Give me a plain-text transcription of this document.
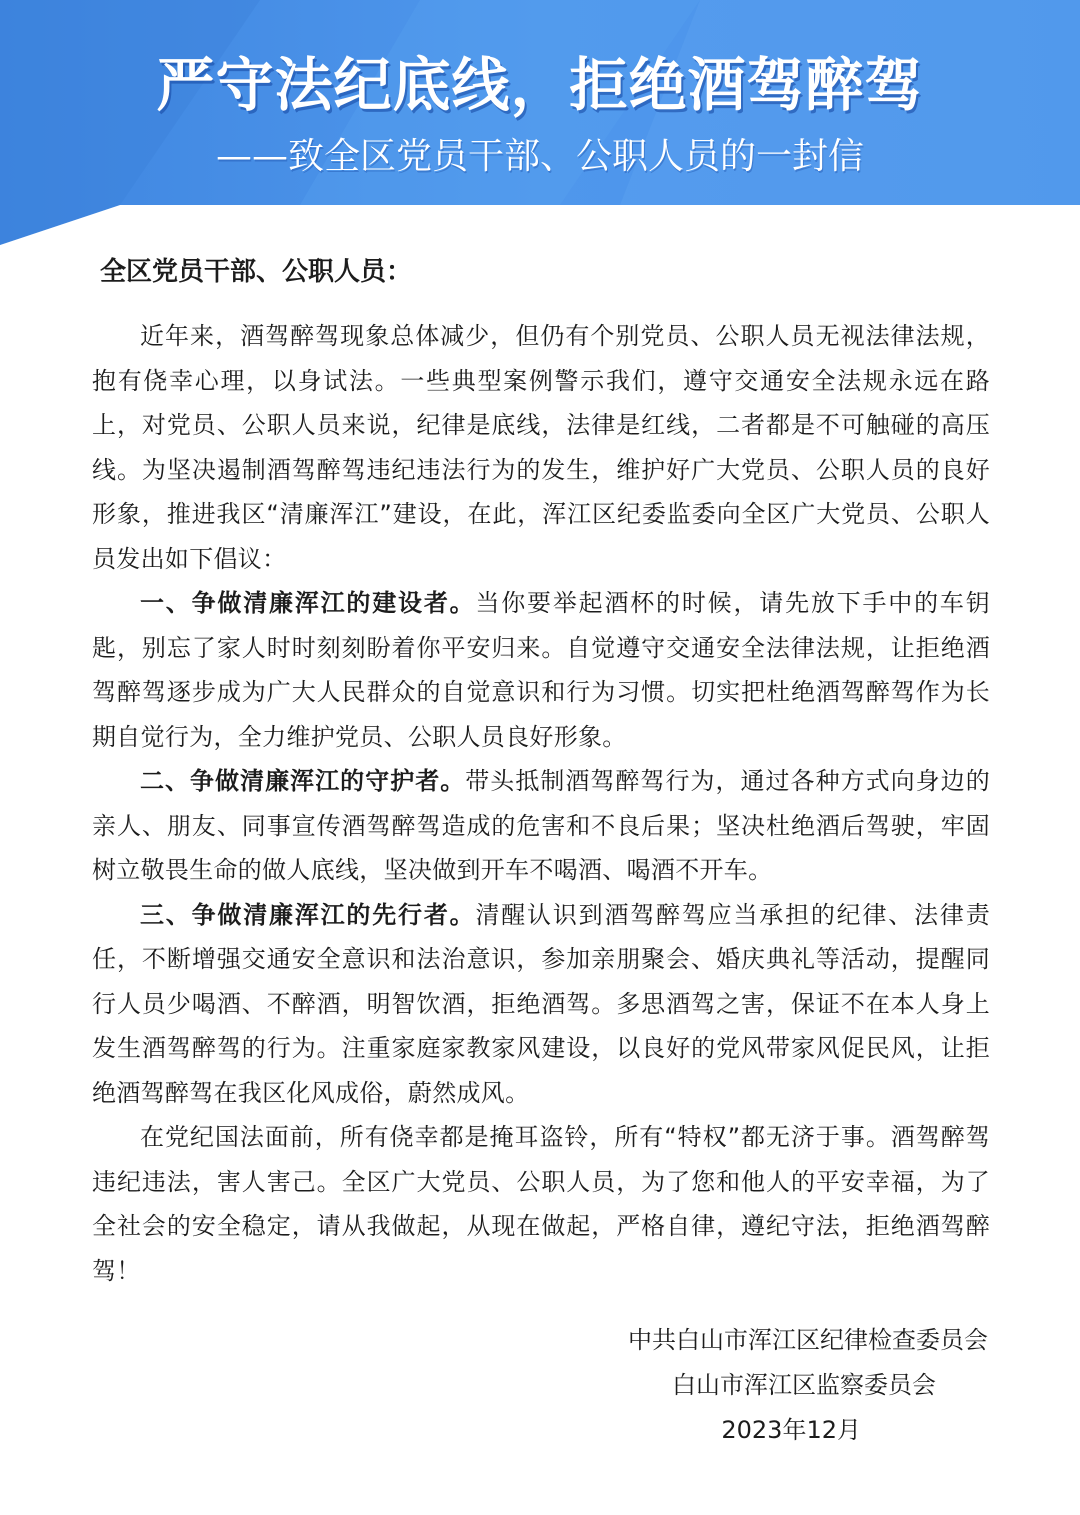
严守法纪底线，拒绝酒驾醉驾
——致全区党员干部、公职人员的一封信
全区党员干部、公职人员：

近年来，酒驾醉驾现象总体减少，但仍有个别党员、公职人员无视法律法规，抱有侥幸心理，以身试法。一些典型案例警示我们，遵守交通安全法规永远在路上，对党员、公职人员来说，纪律是底线，法律是红线，二者都是不可触碰的高压线。为坚决遏制酒驾醉驾违纪违法行为的发生，维护好广大党员、公职人员的良好形象，推进我区“清廉浑江”建设，在此，浑江区纪委监委向全区广大党员、公职人员发出如下倡议：

一、争做清廉浑江的建设者。当你要举起酒杯的时候，请先放下手中的车钥匙，别忘了家人时时刻刻盼着你平安归来。自觉遵守交通安全法律法规，让拒绝酒驾醉驾逐步成为广大人民群众的自觉意识和行为习惯。切实把杜绝酒驾醉驾作为长期自觉行为，全力维护党员、公职人员良好形象。

二、争做清廉浑江的守护者。带头抵制酒驾醉驾行为，通过各种方式向身边的亲人、朋友、同事宣传酒驾醉驾造成的危害和不良后果；坚决杜绝酒后驾驶，牢固树立敬畏生命的做人底线，坚决做到开车不喝酒、喝酒不开车。

三、争做清廉浑江的先行者。清醒认识到酒驾醉驾应当承担的纪律、法律责任，不断增强交通安全意识和法治意识，参加亲朋聚会、婚庆典礼等活动，提醒同行人员少喝酒、不醉酒，明智饮酒，拒绝酒驾。多思酒驾之害，保证不在本人身上发生酒驾醉驾的行为。注重家庭家教家风建设，以良好的党风带家风促民风，让拒绝酒驾醉驾在我区化风成俗，蔚然成风。

在党纪国法面前，所有侥幸都是掩耳盗铃，所有“特权”都无济于事。酒驾醉驾违纪违法，害人害己。全区广大党员、公职人员，为了您和他人的平安幸福，为了全社会的安全稳定，请从我做起，从现在做起，严格自律，遵纪守法，拒绝酒驾醉驾！

中共白山市浑江区纪律检查委员会
白山市浑江区监察委员会
2023年12月
